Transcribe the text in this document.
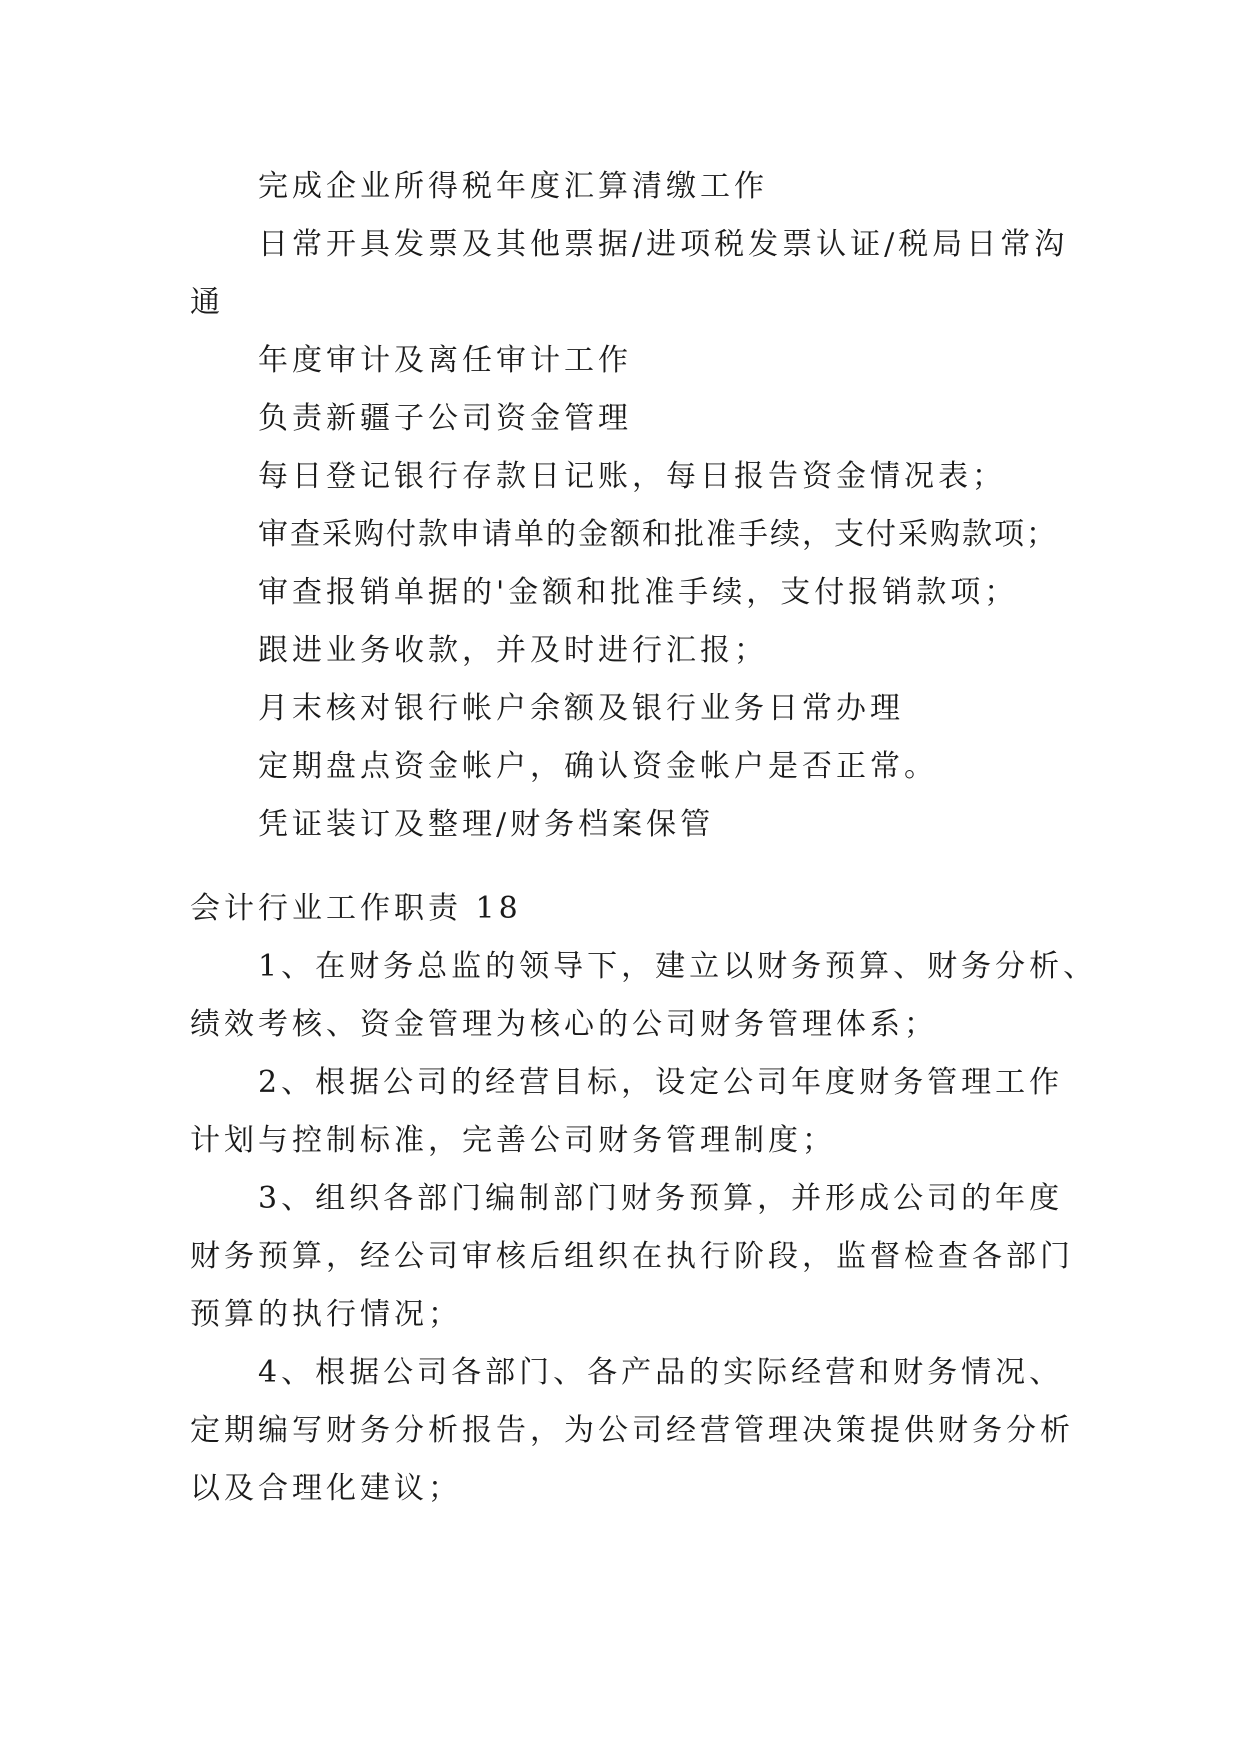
完成企业所得税年度汇算清缴工作
日常开具发票及其他票据/进项税发票认证/税局日常沟
通
年度审计及离任审计工作
负责新疆子公司资金管理
每日登记银行存款日记账，每日报告资金情况表；
审查采购付款申请单的金额和批准手续，支付采购款项；
审查报销单据的'金额和批准手续，支付报销款项；
跟进业务收款，并及时进行汇报；
月末核对银行帐户余额及银行业务日常办理
定期盘点资金帐户，确认资金帐户是否正常。
凭证装订及整理/财务档案保管
会计行业工作职责 18
1、在财务总监的领导下，建立以财务预算、财务分析、
绩效考核、资金管理为核心的公司财务管理体系；
2、根据公司的经营目标，设定公司年度财务管理工作
计划与控制标准，完善公司财务管理制度；
3、组织各部门编制部门财务预算，并形成公司的年度
财务预算，经公司审核后组织在执行阶段，监督检查各部门
预算的执行情况；
4、根据公司各部门、各产品的实际经营和财务情况、
定期编写财务分析报告，为公司经营管理决策提供财务分析
以及合理化建议；
